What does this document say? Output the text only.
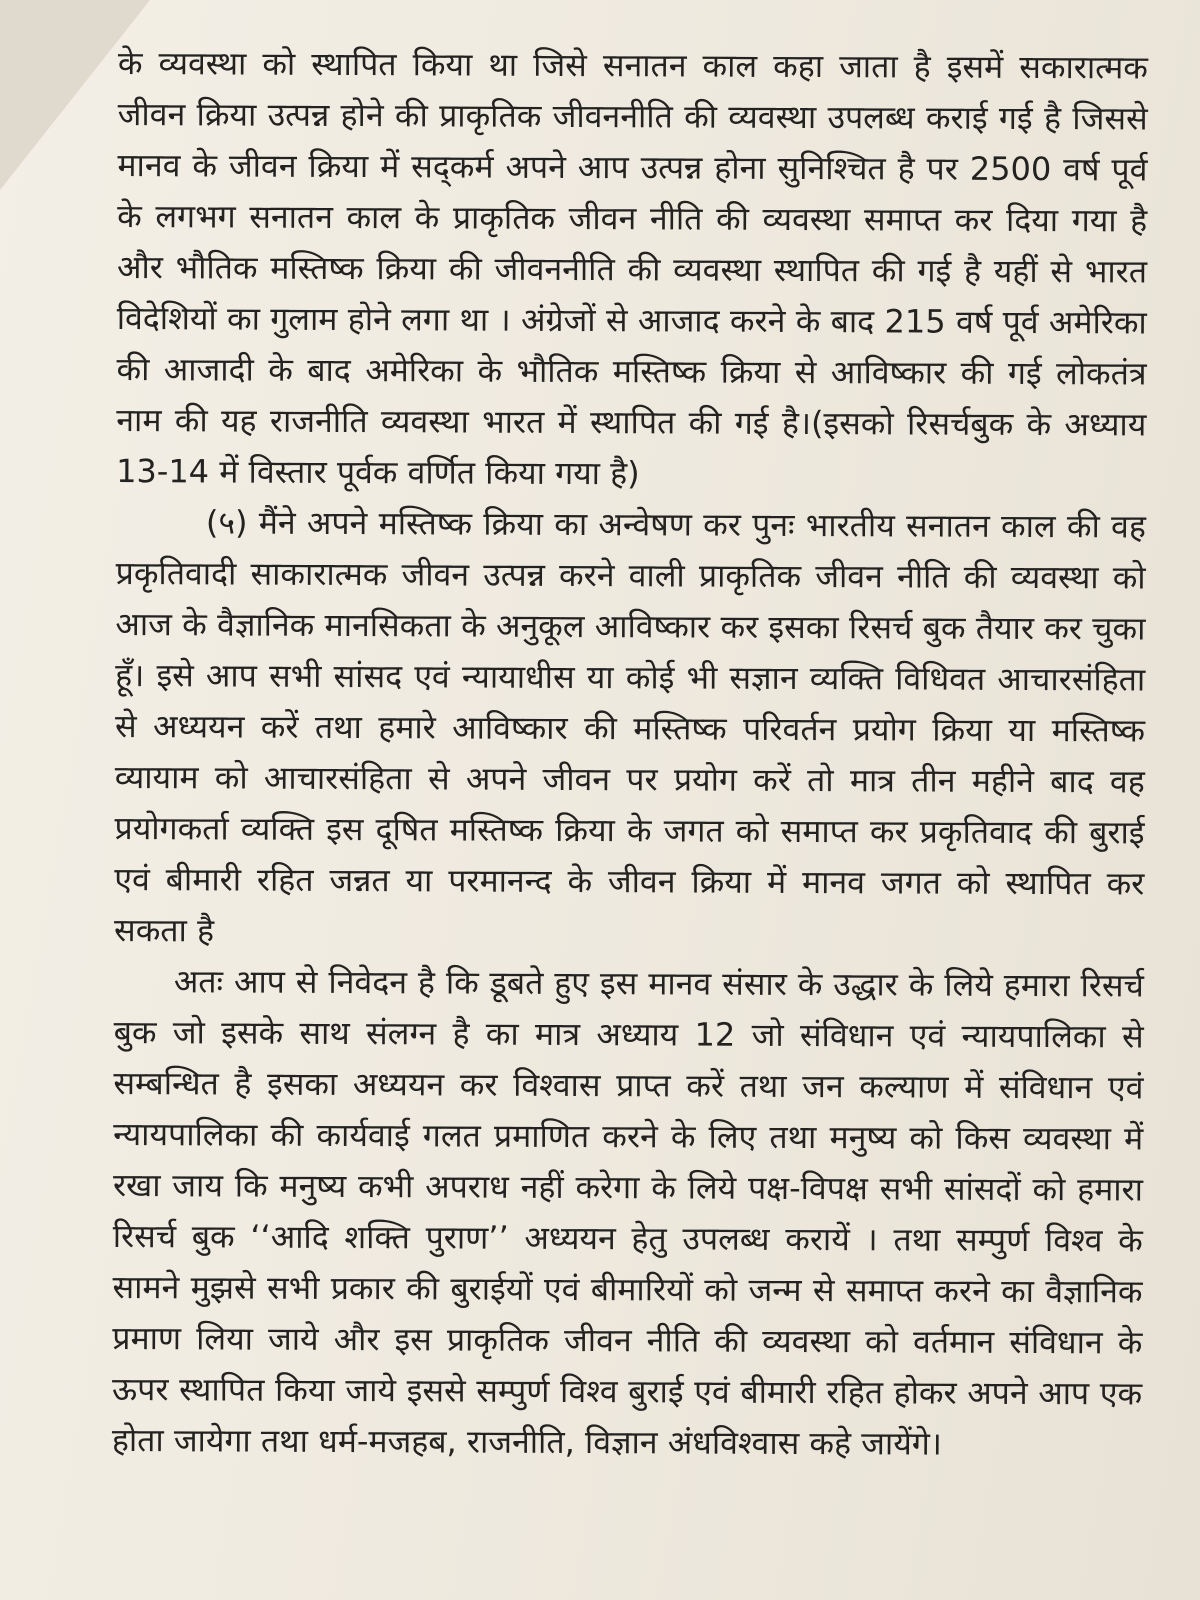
के व्यवस्था को स्थापित किया था जिसे सनातन काल कहा जाता है इसमें सकारात्मक जीवन क्रिया उत्पन्न होने की प्राकृतिक जीवननीति की व्यवस्था उपलब्ध कराई गई है जिससे मानव के जीवन क्रिया में सद्कर्म अपने आप उत्पन्न होना सुनिश्चित है पर 2500 वर्ष पूर्व के लगभग सनातन काल के प्राकृतिक जीवन नीति की व्यवस्था समाप्त कर दिया गया है और भौतिक मस्तिष्क क्रिया की जीवननीति की व्यवस्था स्थापित की गई है यहीं से भारत विदेशियों का गुलाम होने लगा था । अंग्रेजों से आजाद करने के बाद 215 वर्ष पूर्व अमेरिका की आजादी के बाद अमेरिका के भौतिक मस्तिष्क क्रिया से आविष्कार की गई लोकतंत्र नाम की यह राजनीति व्यवस्था भारत में स्थापित की गई है।(इसको रिसर्चबुक के अध्याय 13-14 में विस्तार पूर्वक वर्णित किया गया है)

(५) मैंने अपने मस्तिष्क क्रिया का अन्वेषण कर पुनः भारतीय सनातन काल की वह प्रकृतिवादी साकारात्मक जीवन उत्पन्न करने वाली प्राकृतिक जीवन नीति की व्यवस्था को आज के वैज्ञानिक मानसिकता के अनुकूल आविष्कार कर इसका रिसर्च बुक तैयार कर चुका हूँ। इसे आप सभी सांसद एवं न्यायाधीस या कोई भी सज्ञान व्यक्ति विधिवत आचारसंहिता से अध्ययन करें तथा हमारे आविष्कार की मस्तिष्क परिवर्तन प्रयोग क्रिया या मस्तिष्क व्यायाम को आचारसंहिता से अपने जीवन पर प्रयोग करें तो मात्र तीन महीने बाद वह प्रयोगकर्ता व्यक्ति इस दूषित मस्तिष्क क्रिया के जगत को समाप्त कर प्रकृतिवाद की बुराई एवं बीमारी रहित जन्नत या परमानन्द के जीवन क्रिया में मानव जगत को स्थापित कर सकता है

अतः आप से निवेदन है कि डूबते हुए इस मानव संसार के उद्धार के लिये हमारा रिसर्च बुक जो इसके साथ संलग्न है का मात्र अध्याय 12 जो संविधान एवं न्यायपालिका से सम्बन्धित है इसका अध्ययन कर विश्वास प्राप्त करें तथा जन कल्याण में संविधान एवं न्यायपालिका की कार्यवाई गलत प्रमाणित करने के लिए तथा मनुष्य को किस व्यवस्था में रखा जाय कि मनुष्य कभी अपराध नहीं करेगा के लिये पक्ष-विपक्ष सभी सांसदों को हमारा रिसर्च बुक ‘‘आदि शक्ति पुराण’’ अध्ययन हेतु उपलब्ध करायें । तथा सम्पुर्ण विश्व के सामने मुझसे सभी प्रकार की बुराईयों एवं बीमारियों को जन्म से समाप्त करने का वैज्ञानिक प्रमाण लिया जाये और इस प्राकृतिक जीवन नीति की व्यवस्था को वर्तमान संविधान के ऊपर स्थापित किया जाये इससे सम्पुर्ण विश्व बुराई एवं बीमारी रहित होकर अपने आप एक होता जायेगा तथा धर्म-मजहब, राजनीति, विज्ञान अंधविश्वास कहे जायेंगे।
